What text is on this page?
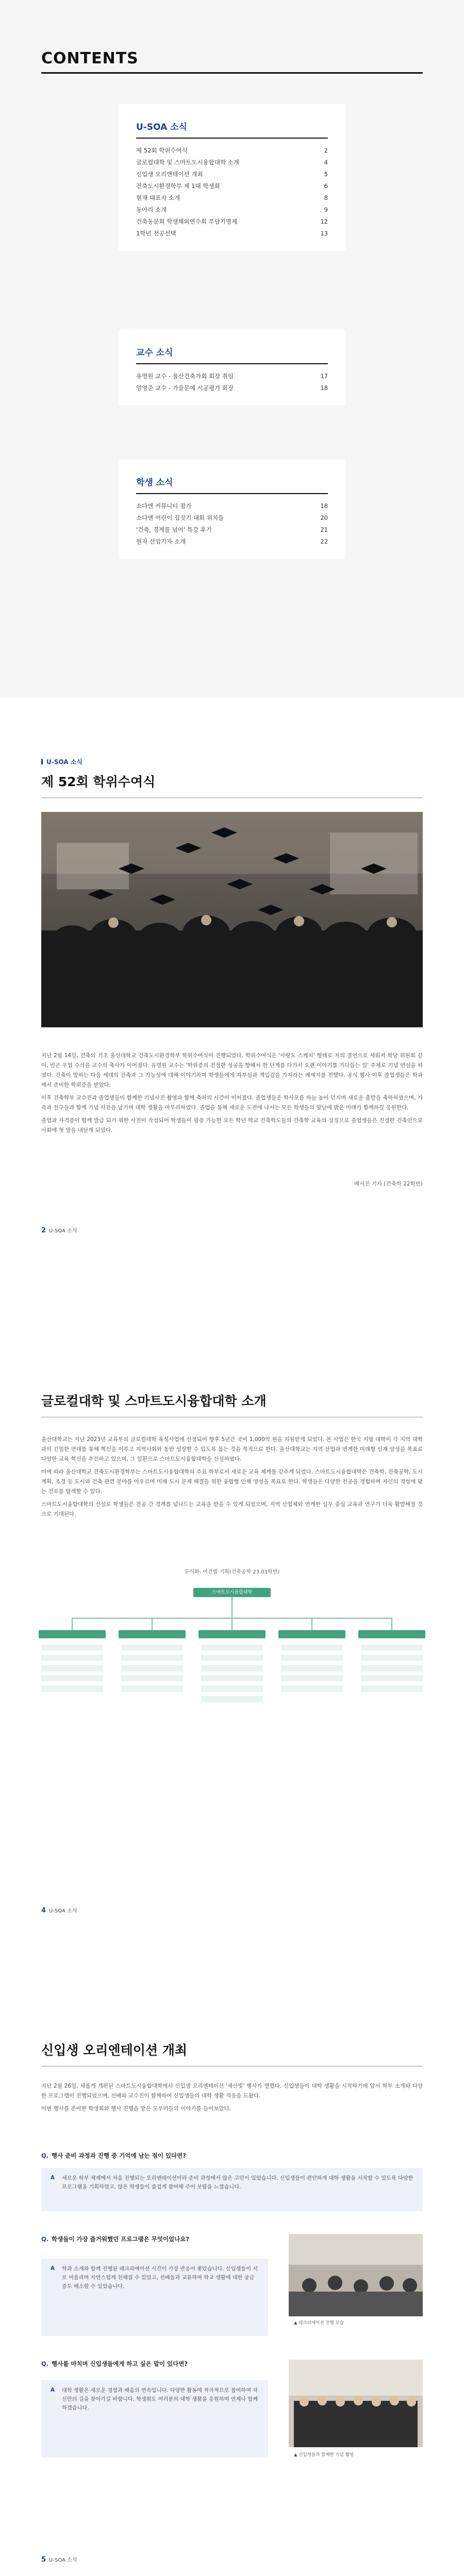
CONTENTS
U-SOA 소식
제 52회 학위수여식	2
글로컬대학 및 스마트도시융합대학 소개	4
신입생 오리엔테이션 개최	5
건축도시환경학부 제 1대 학생회	6
현재 대표자 소개	8
동아리 소개	9
건축동문회 학생해외연수회 부담기명제	12
1학년 전공선택	13
교수 소식
유명원 교수 - 울산건축가회 회장 취임	17
엄영준 교수 - 가을문예 시공평가 회장	18
학생 소식
소다엔 커뮤니티 참가	18
소다엔 어린이 집짓기 대회 위치들	20
'건축, 경계를 넘어' 특강 후기	21
원자 선임기자 소개	22
U-SOA 소식
제 52회 학위수여식

지난 2월 14일, 건축의 기초 울산대학교 건축도시환경학부 학위수여식이 진행되었다. 학위수여식은 '사랑도 스케치' 형태로 저의 결연으로 세워져 학당 위원회 같이, 빈곤 우업 수석을 교수의 축사가 이어졌다. 유명원 교수는 '학위증의 진정한 성공을 향해서 한 단계를 다가서 오랜 이야기를 가다듬는 일' 주제로 기념 연설을 하였다. 건축이 말하는 다음 세대의 건축과 그 가능성에 대해 이야기하며 학생들에게 자부심과 책임감을 가지라는 메세지를 전했다. 공식 행사 이후 졸업생들은 학과에서 준비한 학위증을 받았다.

이후 건축학부 교수진과 졸업생들이 함께한 기념사진 촬영과 함께 축하의 시간이 이어졌다. 졸업생들은 학사모를 하늘 높이 던지며 새로운 출발을 축하하였으며, 가족과 친구들과 함께 기념 사진을 남기며 대학 생활을 마무리하였다. 졸업을 통해 새로운 도전에 나서는 모든 학생들의 앞날에 밝은 미래가 함께하길 응원한다.

졸업과 자격증이 함께 발급 되기 위한 사전이 작성되어 학생들이 필증 가능한 모든 학년 학교 건축학도들의 건축학 교육의 상징으로 졸업생들은 진정한 건축인으로 사회에 첫 발을 내딛게 되었다.

배서진 기자 (건축학 22학번)
2 U-SOA 소식
글로컬대학 및 스마트도시융합대학 소개

울산대학교는 지난 2023년 교육부의 글로컬대학 육성사업에 선정되어 향후 5년간 국비 1,000억 원을 지원받게 되었다. 본 사업은 한국 지방 대학이 각 지역 대학과의 긴밀한 연대를 통해 혁신을 이루고 지역사회와 동반 성장할 수 있도록 돕는 것을 목적으로 한다. 울산대학교는 지역 산업과 연계한 미래형 인재 양성을 목표로 다양한 교육 혁신을 추진하고 있으며, 그 일환으로 스마트도시융합대학을 신설하였다.

이에 따라 울산대학교 건축도시환경학부는 스마트도시융합대학의 주요 학부로서 새로운 교육 체계를 갖추게 되었다. 스마트도시융합대학은 건축학, 건축공학, 도시계획, 조경 등 도시와 건축 관련 분야를 아우르며 미래 도시 문제 해결을 위한 융합형 인재 양성을 목표로 한다. 학생들은 다양한 전공을 경험하며 자신의 적성에 맞는 진로를 탐색할 수 있다.

스마트도시융합대학의 신설로 학생들은 전공 간 경계를 넘나드는 교육을 받을 수 있게 되었으며, 지역 산업체와 연계한 실무 중심 교육과 연구가 더욱 활발해질 것으로 기대된다.

도식화: 여건별 기획(건축공학 23.01학번)
스마트도시융합대학
4 U-SOA 소식
신입생 오리엔테이션 개최

지난 2월 26일, 새롭게 개편된 스마트도시융합대학에서 신입생 오리엔테이션 '새산빛' 행사가 열렸다. 신입생들이 대학 생활을 시작하기에 앞서 학부 소개와 다양한 프로그램이 진행되었으며, 선배와 교수진이 함께하여 신입생들의 대학 생활 적응을 도왔다.

이번 행사를 준비한 학생회와 행사 진행을 맡은 도우미들의 이야기를 들어보았다.

Q. 행사 준비 과정과 진행 중 기억에 남는 점이 있다면?
A 새로운 학부 체제에서 처음 진행되는 오리엔테이션이라 준비 과정에서 많은 고민이 있었습니다. 신입생들이 편안하게 대학 생활을 시작할 수 있도록 다양한 프로그램을 기획하였고, 많은 학생들이 즐겁게 참여해 주어 보람을 느꼈습니다.
Q. 학생들이 가장 즐거워했던 프로그램은 무엇이었나요?
A 학과 소개와 함께 진행된 레크리에이션 시간이 가장 반응이 좋았습니다. 신입생들이 서로 어울리며 자연스럽게 친해질 수 있었고, 선배들과 교류하며 학교 생활에 대한 궁금증도 해소할 수 있었습니다.
▲ 레크리에이션 진행 모습
Q. 행사를 마치며 신입생들에게 하고 싶은 말이 있다면?
A 대학 생활은 새로운 경험과 배움의 연속입니다. 다양한 활동에 적극적으로 참여하며 자신만의 길을 찾아가길 바랍니다. 학생회도 여러분의 대학 생활을 응원하며 언제나 함께하겠습니다.
▲ 신입생들과 함께한 기념 촬영
5 U-SOA 소식
